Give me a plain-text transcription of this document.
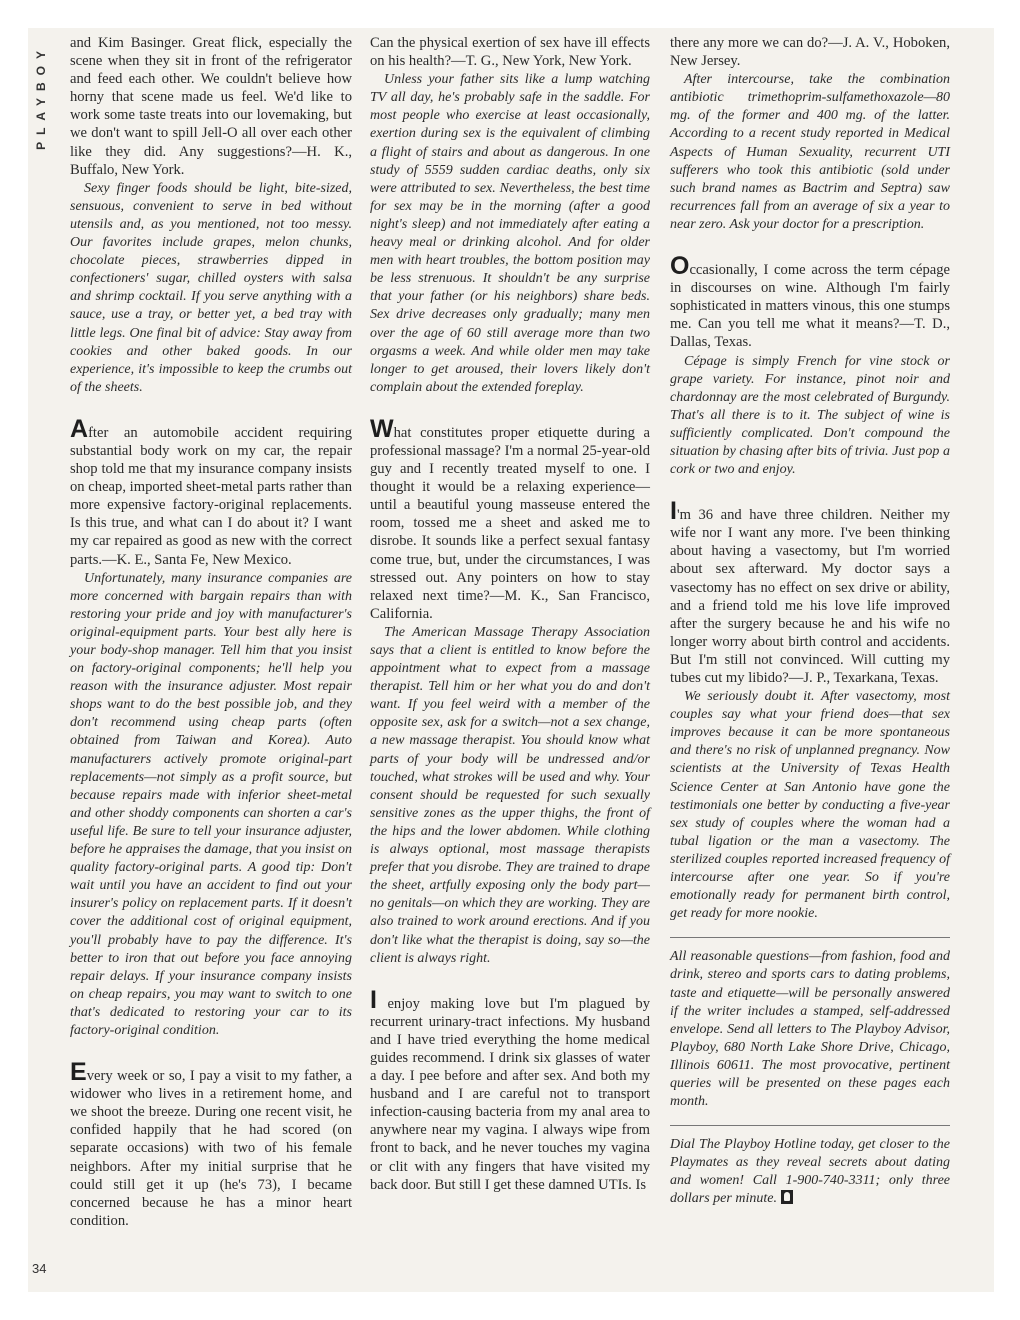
PLAYBOY
34

and Kim Basinger. Great flick, especially the scene when they sit in front of the refrigerator and feed each other. We couldn't believe how horny that scene made us feel. We'd like to work some taste treats into our lovemaking, but we don't want to spill Jell-O all over each other like they did. Any suggestions?—H. K., Buffalo, New York.

Sexy finger foods should be light, bite-sized, sensuous, convenient to serve in bed without utensils and, as you mentioned, not too messy. Our favorites include grapes, melon chunks, chocolate pieces, strawberries dipped in confectioners' sugar, chilled oysters with salsa and shrimp cocktail. If you serve anything with a sauce, use a tray, or better yet, a bed tray with little legs. One final bit of advice: Stay away from cookies and other baked goods. In our experience, it's impossible to keep the crumbs out of the sheets.

After an automobile accident requiring substantial body work on my car, the repair shop told me that my insurance company insists on cheap, imported sheet-metal parts rather than more expensive factory-original replacements. Is this true, and what can I do about it? I want my car repaired as good as new with the correct parts.—K. E., Santa Fe, New Mexico.

Unfortunately, many insurance companies are more concerned with bargain repairs than with restoring your pride and joy with manufacturer's original-equipment parts. Your best ally here is your body-shop manager. Tell him that you insist on factory-original components; he'll help you reason with the insurance adjuster. Most repair shops want to do the best possible job, and they don't recommend using cheap parts (often obtained from Taiwan and Korea). Auto manufacturers actively promote original-part replacements—not simply as a profit source, but because repairs made with inferior sheet-metal and other shoddy components can shorten a car's useful life. Be sure to tell your insurance adjuster, before he appraises the damage, that you insist on quality factory-original parts. A good tip: Don't wait until you have an accident to find out your insurer's policy on replacement parts. If it doesn't cover the additional cost of original equipment, you'll probably have to pay the difference. It's better to iron that out before you face annoying repair delays. If your insurance company insists on cheap repairs, you may want to switch to one that's dedicated to restoring your car to its factory-original condition.

Every week or so, I pay a visit to my father, a widower who lives in a retirement home, and we shoot the breeze. During one recent visit, he confided happily that he had scored (on separate occasions) with two of his female neighbors. After my initial surprise that he could still get it up (he's 73), I became concerned because he has a minor heart condition.

Can the physical exertion of sex have ill effects on his health?—T. G., New York, New York.

Unless your father sits like a lump watching TV all day, he's probably safe in the saddle. For most people who exercise at least occasionally, exertion during sex is the equivalent of climbing a flight of stairs and about as dangerous. In one study of 5559 sudden cardiac deaths, only six were attributed to sex. Nevertheless, the best time for sex may be in the morning (after a good night's sleep) and not immediately after eating a heavy meal or drinking alcohol. And for older men with heart troubles, the bottom position may be less strenuous. It shouldn't be any surprise that your father (or his neighbors) share beds. Sex drive decreases only gradually; many men over the age of 60 still average more than two orgasms a week. And while older men may take longer to get aroused, their lovers likely don't complain about the extended foreplay.

What constitutes proper etiquette during a professional massage? I'm a normal 25-year-old guy and I recently treated myself to one. I thought it would be a relaxing experience—until a beautiful young masseuse entered the room, tossed me a sheet and asked me to disrobe. It sounds like a perfect sexual fantasy come true, but, under the circumstances, I was stressed out. Any pointers on how to stay relaxed next time?—M. K., San Francisco, California.

The American Massage Therapy Association says that a client is entitled to know before the appointment what to expect from a massage therapist. Tell him or her what you do and don't want. If you feel weird with a member of the opposite sex, ask for a switch—not a sex change, a new massage therapist. You should know what parts of your body will be undressed and/or touched, what strokes will be used and why. Your consent should be requested for such sexually sensitive zones as the upper thighs, the front of the hips and the lower abdomen. While clothing is always optional, most massage therapists prefer that you disrobe. They are trained to drape the sheet, artfully exposing only the body part—no genitals—on which they are working. They are also trained to work around erections. And if you don't like what the therapist is doing, say so—the client is always right.

I enjoy making love but I'm plagued by recurrent urinary-tract infections. My husband and I have tried everything the home medical guides recommend. I drink six glasses of water a day. I pee before and after sex. And both my husband and I are careful not to transport infection-causing bacteria from my anal area to anywhere near my vagina. I always wipe from front to back, and he never touches my vagina or clit with any fingers that have visited my back door. But still I get these damned UTIs. Is

there any more we can do?—J. A. V., Hoboken, New Jersey.

After intercourse, take the combination antibiotic trimethoprim-sulfamethoxazole—80 mg. of the former and 400 mg. of the latter. According to a recent study reported in Medical Aspects of Human Sexuality, recurrent UTI sufferers who took this antibiotic (sold under such brand names as Bactrim and Septra) saw recurrences fall from an average of six a year to near zero. Ask your doctor for a prescription.

Occasionally, I come across the term cépage in discourses on wine. Although I'm fairly sophisticated in matters vinous, this one stumps me. Can you tell me what it means?—T. D., Dallas, Texas.

Cépage is simply French for vine stock or grape variety. For instance, pinot noir and chardonnay are the most celebrated of Burgundy. That's all there is to it. The subject of wine is sufficiently complicated. Don't compound the situation by chasing after bits of trivia. Just pop a cork or two and enjoy.

I'm 36 and have three children. Neither my wife nor I want any more. I've been thinking about having a vasectomy, but I'm worried about sex afterward. My doctor says a vasectomy has no effect on sex drive or ability, and a friend told me his love life improved after the surgery because he and his wife no longer worry about birth control and accidents. But I'm still not convinced. Will cutting my tubes cut my libido?—J. P., Texarkana, Texas.

We seriously doubt it. After vasectomy, most couples say what your friend does—that sex improves because it can be more spontaneous and there's no risk of unplanned pregnancy. Now scientists at the University of Texas Health Science Center at San Antonio have gone the testimonials one better by conducting a five-year sex study of couples where the woman had a tubal ligation or the man a vasectomy. The sterilized couples reported increased frequency of intercourse after one year. So if you're emotionally ready for permanent birth control, get ready for more nookie.

All reasonable questions—from fashion, food and drink, stereo and sports cars to dating problems, taste and etiquette—will be personally answered if the writer includes a stamped, self-addressed envelope. Send all letters to The Playboy Advisor, Playboy, 680 North Lake Shore Drive, Chicago, Illinois 60611. The most provocative, pertinent queries will be presented on these pages each month.

Dial The Playboy Hotline today, get closer to the Playmates as they reveal secrets about dating and women! Call 1-900-740-3311; only three dollars per minute.
